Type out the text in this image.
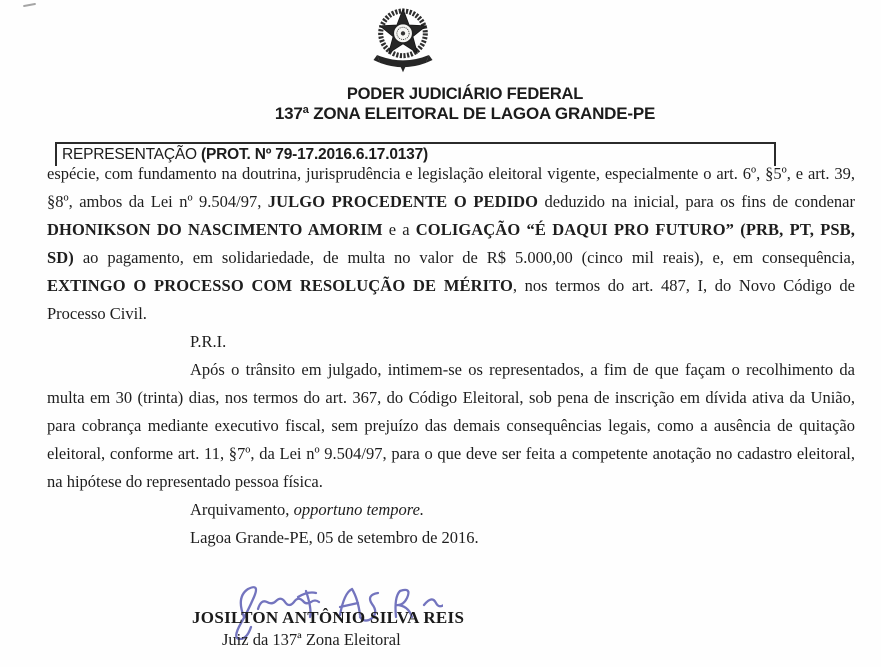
PODER JUDICIÁRIO FEDERAL
137ª ZONA ELEITORAL DE LAGOA GRANDE-PE
REPRESENTAÇÃO (PROT. Nº 79-17.2016.6.17.0137)

espécie, com fundamento na doutrina, jurisprudência e legislação eleitoral vigente, especialmente o art. 6º, §5º, e art. 39, §8º, ambos da Lei nº 9.504/97, JULGO PROCEDENTE O PEDIDO deduzido na inicial, para os fins de condenar DHONIKSON DO NASCIMENTO AMORIM e a COLIGAÇÃO “É DAQUI PRO FUTURO” (PRB, PT, PSB, SD) ao pagamento, em solidariedade, de multa no valor de R$ 5.000,00 (cinco mil reais), e, em consequência, EXTINGO O PROCESSO COM RESOLUÇÃO DE MÉRITO, nos termos do art. 487, I, do Novo Código de Processo Civil.

P.R.I.

Após o trânsito em julgado, intimem-se os representados, a fim de que façam o recolhimento da multa em 30 (trinta) dias, nos termos do art. 367, do Código Eleitoral, sob pena de inscrição em dívida ativa da União, para cobrança mediante executivo fiscal, sem prejuízo das demais consequências legais, como a ausência de quitação eleitoral, conforme art. 11, §7º, da Lei nº 9.504/97, para o que deve ser feita a competente anotação no cadastro eleitoral, na hipótese do representado pessoa física.

Arquivamento, opportuno tempore.

Lagoa Grande-PE, 05 de setembro de 2016.

JOSILTON ANTÔNIO SILVA REIS
Juiz da 137ª Zona Eleitoral
